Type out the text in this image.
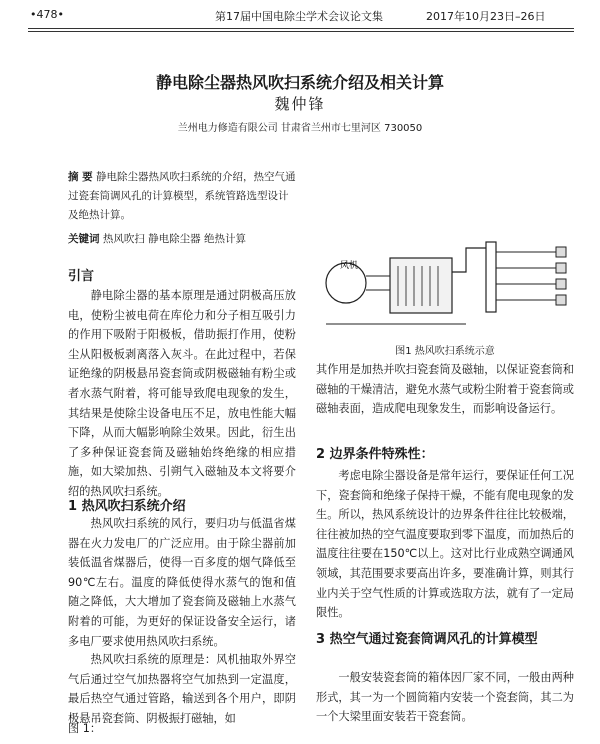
•478•	第17届中国电除尘学术会议论文集	2017年10月23日–26日
静电除尘器热风吹扫系统介绍及相关计算
魏仲锋
兰州电力修造有限公司 甘肃省兰州市七里河区 730050
摘 要 静电除尘器热风吹扫系统的介绍，热空气通过瓷套筒调风孔的计算模型，系统管路选型设计及绝热计算。
关键词 热风吹扫 静电除尘器 绝热计算
引言
静电除尘器的基本原理是通过阴极高压放电，使粉尘被电荷在库伦力和分子相互吸引力的作用下吸附于阳极板，借助振打作用，使粉尘从阳极板剥离落入灰斗。在此过程中，若保证绝缘的阴极悬吊瓷套筒或阴极磁轴有粉尘或者水蒸气附着，将可能导致爬电现象的发生，其结果是使除尘设备电压不足，放电性能大幅下降，从而大幅影响除尘效果。因此，衍生出了多种保证瓷套筒及磁轴始终绝缘的相应措施，如大梁加热、引朔气入磁轴及本文将要介绍的热风吹扫系统。
1 热风吹扫系统介绍
热风吹扫系统的风行，要归功与低温省煤器在火力发电厂的广泛应用。由于除尘器前加装低温省煤器后，使得一百多度的烟气降低至90℃左右。温度的降低使得水蒸气的饱和值随之降低，大大增加了瓷套筒及磁轴上水蒸气附着的可能，为更好的保证设备安全运行，诸多电厂要求使用热风吹扫系统。
热风吹扫系统的原理是：风机抽取外界空气后通过空气加热器将空气加热到一定温度，最后热空气通过管路，输送到各个用户，即阴极悬吊瓷套筒、阴极振打磁轴，如
图 1：
风机
图1 热风吹扫系统示意
其作用是加热并吹扫瓷套筒及磁轴，以保证瓷套筒和磁轴的干燥清洁，避免水蒸气或粉尘附着于瓷套筒或磁轴表面，造成爬电现象发生，而影响设备运行。
2 边界条件特殊性：
考虑电除尘器设备是常年运行，要保证任何工况下，瓷套筒和绝缘子保持干燥，不能有爬电现象的发生。所以，热风系统设计的边界条件往往比较极端，往往被加热的空气温度要取到零下温度，而加热后的温度往往要在150℃以上。这对比行业成熟空调通风领域，其范围要求要高出许多，要准确计算，则其行业内关于空气性质的计算或选取方法，就有了一定局限性。
3 热空气通过瓷套筒调风孔的计算模型
一般安装瓷套筒的箱体因厂家不同，一般由两种形式，其一为一个圆筒箱内安装一个瓷套筒，其二为一个大梁里面安装若干瓷套筒。
